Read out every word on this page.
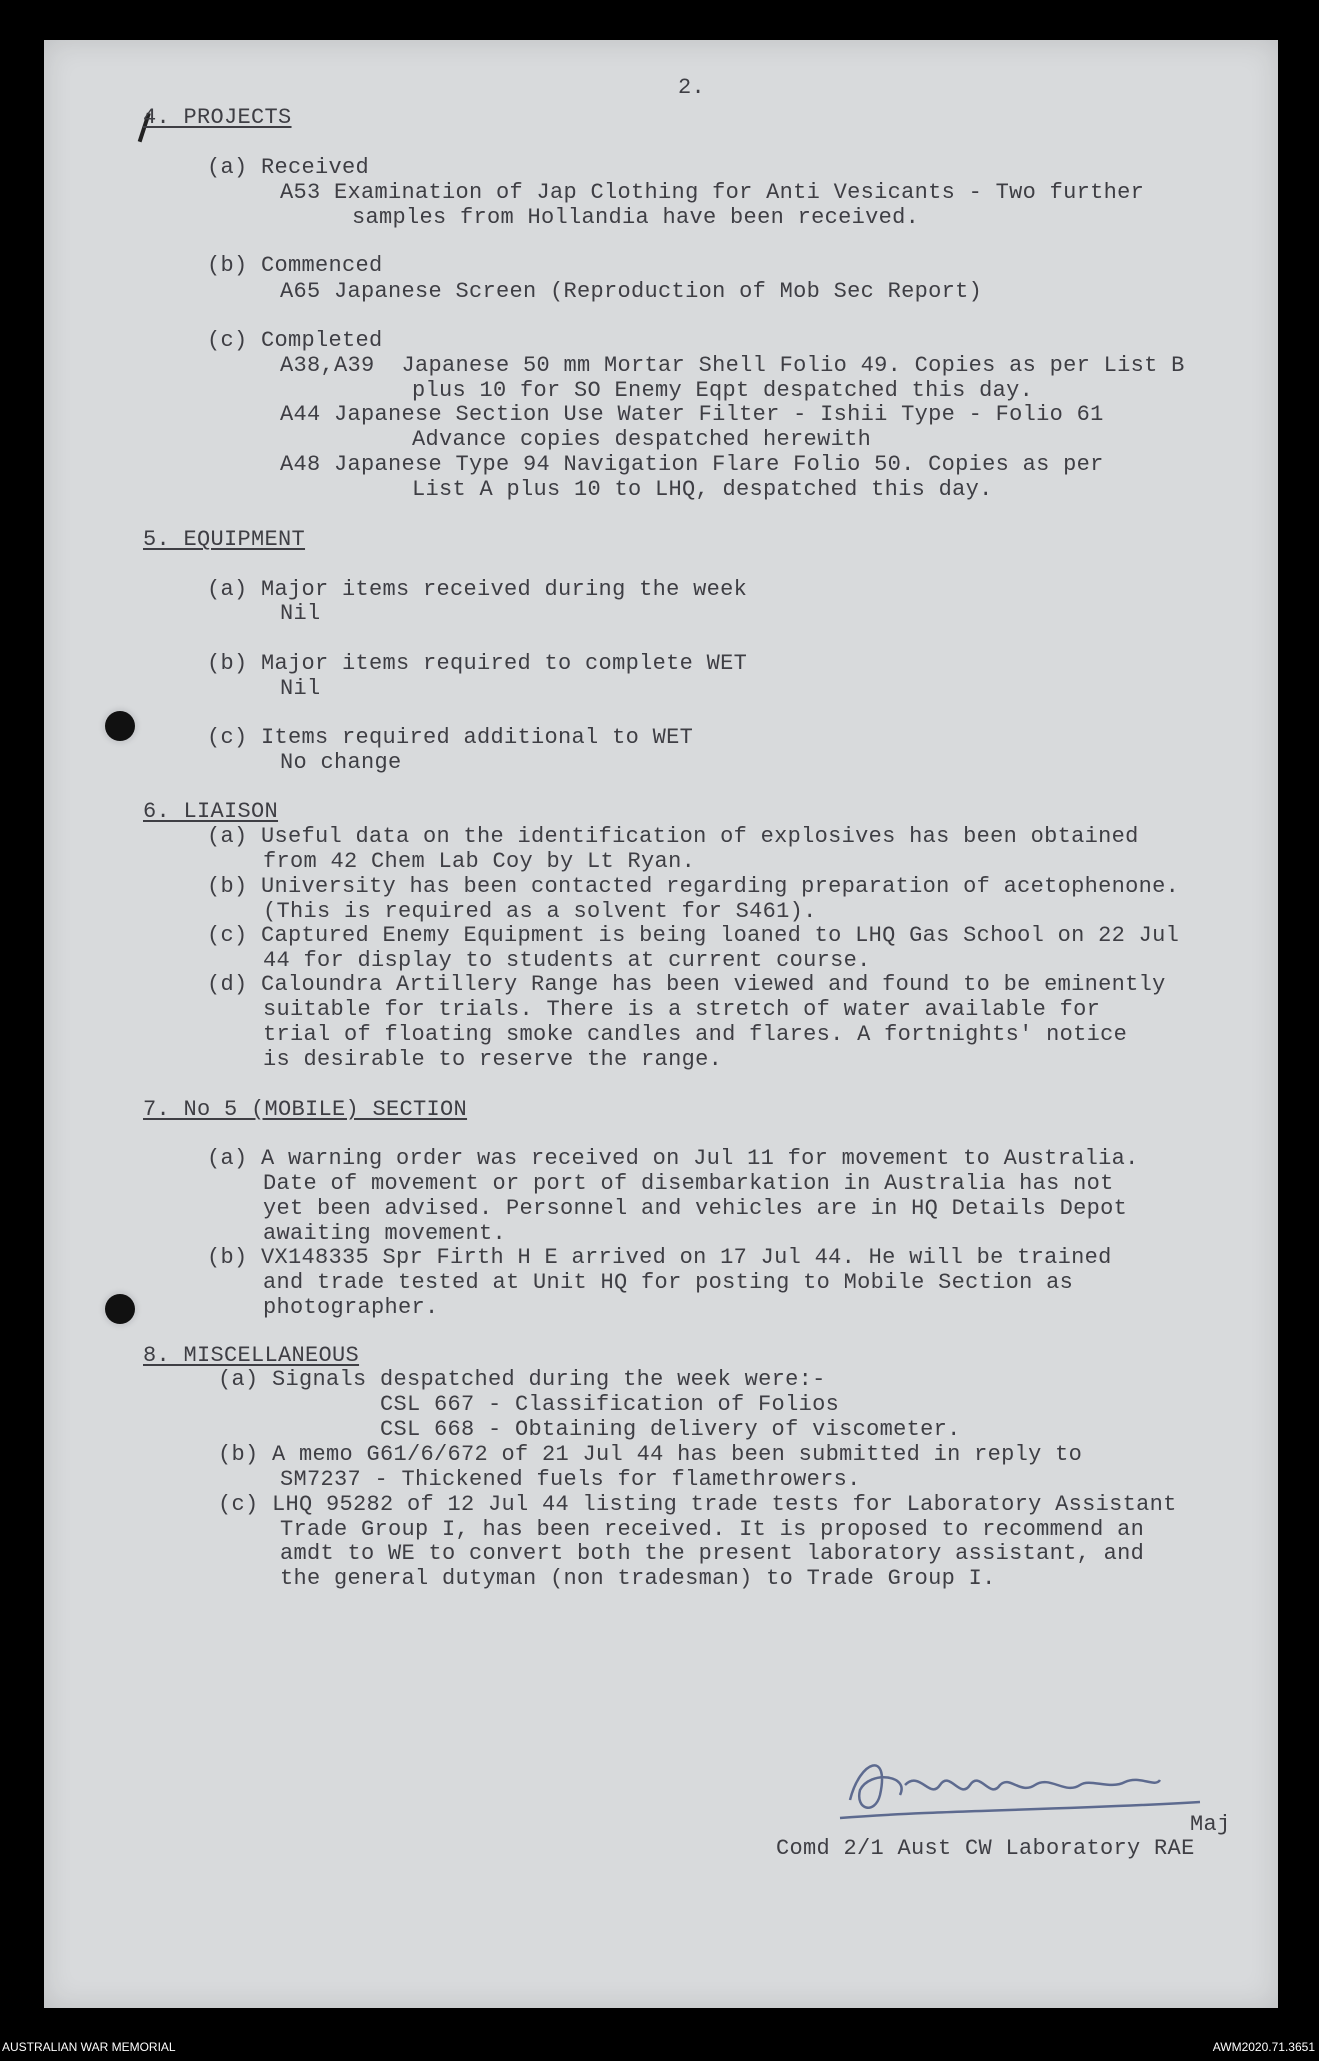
2.
4. PROJECTS
(a) Received
A53 Examination of Jap Clothing for Anti Vesicants - Two further
samples from Hollandia have been received.
(b) Commenced
A65 Japanese Screen (Reproduction of Mob Sec Report)
(c) Completed
A38,A39  Japanese 50 mm Mortar Shell Folio 49. Copies as per List B
plus 10 for SO Enemy Eqpt despatched this day.
A44 Japanese Section Use Water Filter - Ishii Type - Folio 61
Advance copies despatched herewith
A48 Japanese Type 94 Navigation Flare Folio 50. Copies as per
List A plus 10 to LHQ, despatched this day.
5. EQUIPMENT
(a) Major items received during the week
Nil
(b) Major items required to complete WET
Nil
(c) Items required additional to WET
No change
6. LIAISON
(a) Useful data on the identification of explosives has been obtained
from 42 Chem Lab Coy by Lt Ryan.
(b) University has been contacted regarding preparation of acetophenone.
(This is required as a solvent for S461).
(c) Captured Enemy Equipment is being loaned to LHQ Gas School on 22 Jul
44 for display to students at current course.
(d) Caloundra Artillery Range has been viewed and found to be eminently
suitable for trials. There is a stretch of water available for
trial of floating smoke candles and flares. A fortnights' notice
is desirable to reserve the range.
7. No 5 (MOBILE) SECTION
(a) A warning order was received on Jul 11 for movement to Australia.
Date of movement or port of disembarkation in Australia has not
yet been advised. Personnel and vehicles are in HQ Details Depot
awaiting movement.
(b) VX148335 Spr Firth H E arrived on 17 Jul 44. He will be trained
and trade tested at Unit HQ for posting to Mobile Section as
photographer.
8. MISCELLANEOUS
(a) Signals despatched during the week were:-
CSL 667 - Classification of Folios
CSL 668 - Obtaining delivery of viscometer.
(b) A memo G61/6/672 of 21 Jul 44 has been submitted in reply to
SM7237 - Thickened fuels for flamethrowers.
(c) LHQ 95282 of 12 Jul 44 listing trade tests for Laboratory Assistant
Trade Group I, has been received. It is proposed to recommend an
amdt to WE to convert both the present laboratory assistant, and
the general dutyman (non tradesman) to Trade Group I.
Maj
Comd 2/1 Aust CW Laboratory RAE
AUSTRALIAN WAR MEMORIAL	AWM2020.71.3651
